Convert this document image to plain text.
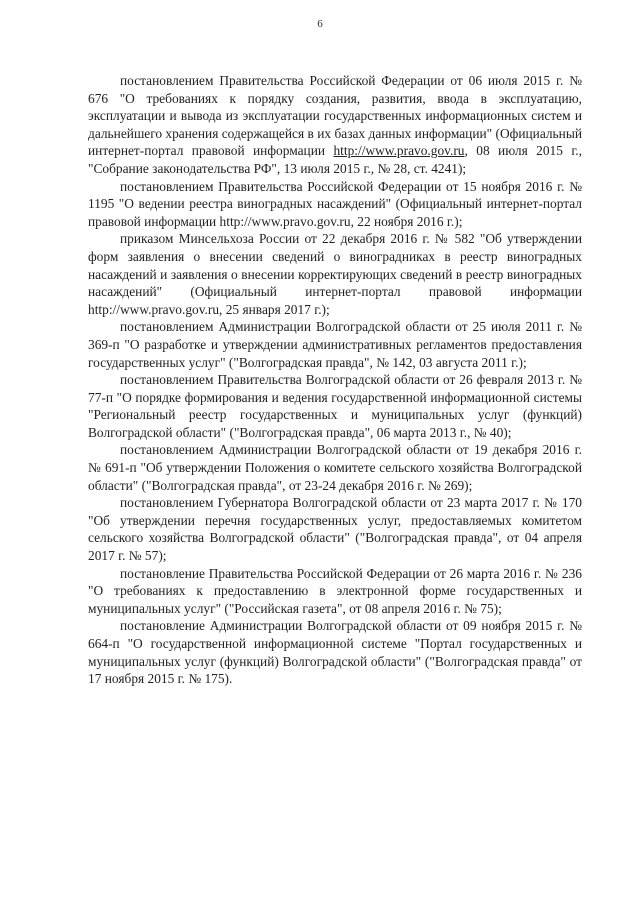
6

постановлением Правительства Российской Федерации от 06 июля 2015 г. № 676 "О требованиях к порядку создания, развития, ввода в эксплуатацию, эксплуатации и вывода из эксплуатации государственных информационных систем и дальнейшего хранения содержащейся в их базах данных информации" (Официальный интернет-портал правовой информации http://www.pravo.gov.ru, 08 июля 2015 г., "Собрание законодательства РФ", 13 июля 2015 г., № 28, ст. 4241);

постановлением Правительства Российской Федерации от 15 ноября 2016 г. № 1195 "О ведении реестра виноградных насаждений" (Официальный интернет-портал правовой информации http://www.pravo.gov.ru, 22 ноября 2016 г.);

приказом Минсельхоза России от 22 декабря 2016 г. № 582 "Об утверждении форм заявления о внесении сведений о виноградниках в реестр виноградных насаждений и заявления о внесении корректирующих сведений в реестр виноградных насаждений" (Официальный интернет-портал правовой информации http://www.pravo.gov.ru, 25 января 2017 г.);

постановлением Администрации Волгоградской области от 25 июля 2011 г. № 369-п "О разработке и утверждении административных регламентов предоставления государственных услуг" ("Волгоградская правда", № 142, 03 августа 2011 г.);

постановлением Правительства Волгоградской области от 26 февраля 2013 г. № 77-п "О порядке формирования и ведения государственной информационной системы "Региональный реестр государственных и муниципальных услуг (функций) Волгоградской области" ("Волгоградская правда", 06 марта 2013 г., № 40);

постановлением Администрации Волгоградской области от 19 декабря 2016 г. № 691-п "Об утверждении Положения о комитете сельского хозяйства Волгоградской области" ("Волгоградская правда", от 23-24 декабря 2016 г. № 269);

постановлением Губернатора Волгоградской области от 23 марта 2017 г. № 170 "Об утверждении перечня государственных услуг, предоставляемых комитетом сельского хозяйства Волгоградской области" ("Волгоградская правда", от 04 апреля 2017 г. № 57);

постановление Правительства Российской Федерации от 26 марта 2016 г. № 236 "О требованиях к предоставлению в электронной форме государственных и муниципальных услуг" ("Российская газета", от 08 апреля 2016 г. № 75);

постановление Администрации Волгоградской области от 09 ноября 2015 г. № 664-п "О государственной информационной системе "Портал государственных и муниципальных услуг (функций) Волгоградской области" ("Волгоградская правда" от 17 ноября 2015 г. № 175).
